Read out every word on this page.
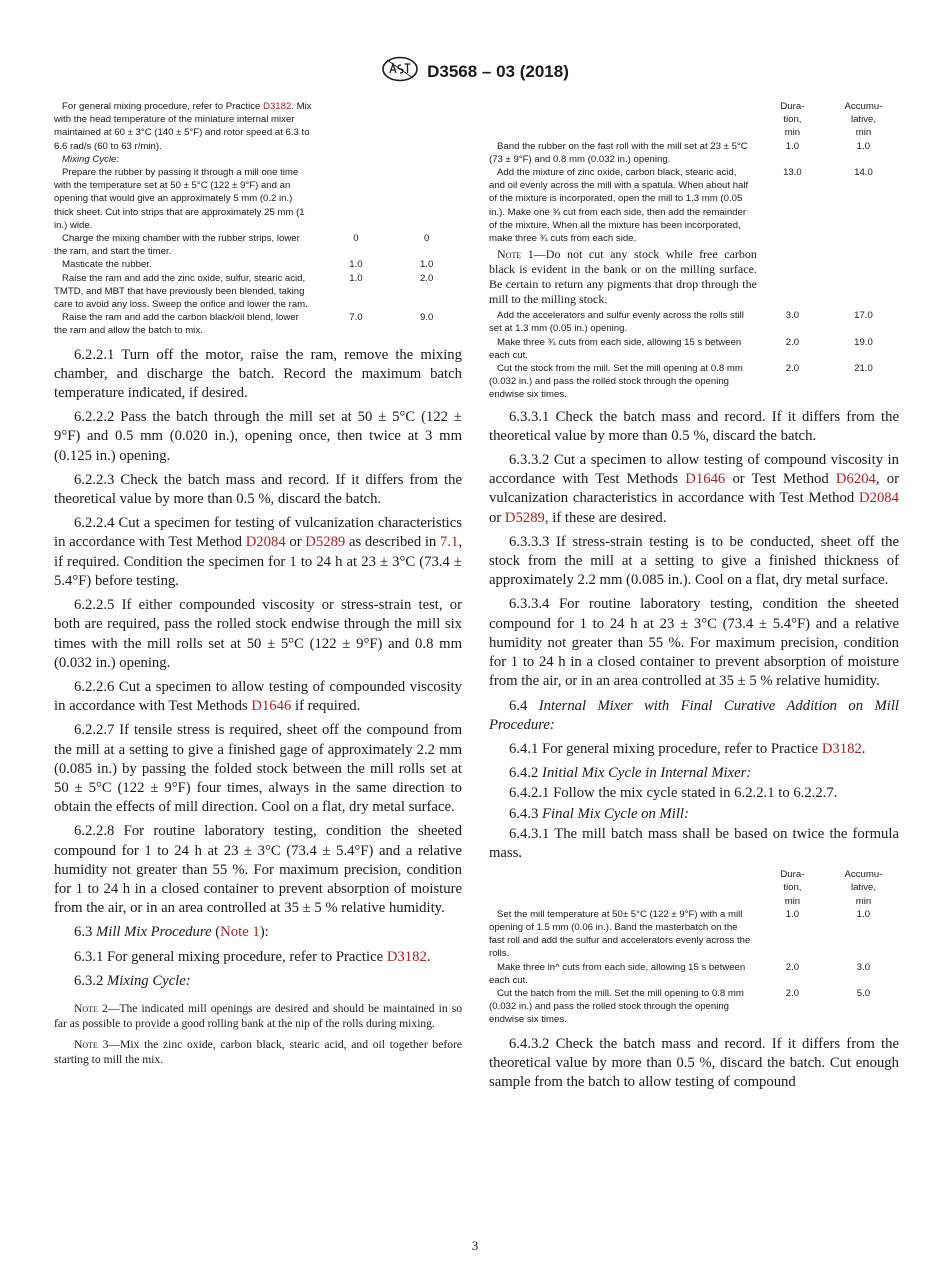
D3568 – 03 (2018)
For general mixing procedure, refer to Practice D3182. Mix with the head temperature of the miniature internal mixer maintained at 60 ± 3°C (140 ± 5°F) and rotor speed at 6.3 to 6.6 rad/s (60 to 63 r/min).		
Mixing Cycle:		
Prepare the rubber by passing it through a mill one time with the temperature set at 50 ± 5°C (122 ± 9°F) and an opening that would give an approximately 5 mm (0.2 in.) thick sheet. Cut into strips that are approximately 25 mm (1 in.) wide.		
Charge the mixing chamber with the rubber strips, lower the ram, and start the timer.	0	0
Masticate the rubber.	1.0	1.0
Raise the ram and add the zinc oxide, sulfur, stearic acid, TMTD, and MBT that have previously been blended, taking care to avoid any loss. Sweep the orifice and lower the ram.	1.0	2.0
Raise the ram and add the carbon black/oil blend, lower the ram and allow the batch to mix.	7.0	9.0

6.2.2.1 Turn off the motor, raise the ram, remove the mixing chamber, and discharge the batch. Record the maximum batch temperature indicated, if desired.

6.2.2.2 Pass the batch through the mill set at 50 ± 5°C (122 ± 9°F) and 0.5 mm (0.020 in.), opening once, then twice at 3 mm (0.125 in.) opening.

6.2.2.3 Check the batch mass and record. If it differs from the theoretical value by more than 0.5 %, discard the batch.

6.2.2.4 Cut a specimen for testing of vulcanization characteristics in accordance with Test Method D2084 or D5289 as described in 7.1, if required. Condition the specimen for 1 to 24 h at 23 ± 3°C (73.4 ± 5.4°F) before testing.

6.2.2.5 If either compounded viscosity or stress-strain test, or both are required, pass the rolled stock endwise through the mill six times with the mill rolls set at 50 ± 5°C (122 ± 9°F) and 0.8 mm (0.032 in.) opening.

6.2.2.6 Cut a specimen to allow testing of compounded viscosity in accordance with Test Methods D1646 if required.

6.2.2.7 If tensile stress is required, sheet off the compound from the mill at a setting to give a finished gage of approximately 2.2 mm (0.085 in.) by passing the folded stock between the mill rolls set at 50 ± 5°C (122 ± 9°F) four times, always in the same direction to obtain the effects of mill direction. Cool on a flat, dry metal surface.

6.2.2.8 For routine laboratory testing, condition the sheeted compound for 1 to 24 h at 23 ± 3°C (73.4 ± 5.4°F) and a relative humidity not greater than 55 %. For maximum precision, condition for 1 to 24 h in a closed container to prevent absorption of moisture from the air, or in an area controlled at 35 ± 5 % relative humidity.

6.3 Mill Mix Procedure (Note 1):

6.3.1 For general mixing procedure, refer to Practice D3182.

6.3.2 Mixing Cycle:

Note 2—The indicated mill openings are desired and should be maintained in so far as possible to provide a good rolling bank at the nip of the rolls during mixing.

Note 3—Mix the zinc oxide, carbon black, stearic acid, and oil together before starting to mill the mix.

	Dura-
tion,
min	Accumu-
lative,
min
Band the rubber on the fast roll with the mill set at 23 ± 5°C (73 ± 9°F) and 0.8 mm (0.032 in.) opening.	1.0	1.0
Add the mixture of zinc oxide, carbon black, stearic acid, and oil evenly across the mill with a spatula. When about half of the mixture is incorporated, open the mill to 1.3 mm (0.05 in.). Make one ¾ cut from each side, then add the remainder of the mixture. When all the mixture has been incorporated, make three ¾ cuts from each side.	13.0	14.0
Note 1—Do not cut any stock while free carbon black is evident in the bank or on the milling surface. Be certain to return any pigments that drop through the mill to the milling stock.		
Add the accelerators and sulfur evenly across the rolls still set at 1.3 mm (0.05 in.) opening.	3.0	17.0
Make three ¾ cuts from each side, allowing 15 s between each cut.	2.0	19.0
Cut the stock from the mill. Set the mill opening at 0.8 mm (0.032 in.) and pass the rolled stock through the opening endwise six times.	2.0	21.0

6.3.3.1 Check the batch mass and record. If it differs from the theoretical value by more than 0.5 %, discard the batch.

6.3.3.2 Cut a specimen to allow testing of compound viscosity in accordance with Test Methods D1646 or Test Method D6204, or vulcanization characteristics in accordance with Test Method D2084 or D5289, if these are desired.

6.3.3.3 If stress-strain testing is to be conducted, sheet off the stock from the mill at a setting to give a finished thickness of approximately 2.2 mm (0.085 in.). Cool on a flat, dry metal surface.

6.3.3.4 For routine laboratory testing, condition the sheeted compound for 1 to 24 h at 23 ± 3°C (73.4 ± 5.4°F) and a relative humidity not greater than 55 %. For maximum precision, condition for 1 to 24 h in a closed container to prevent absorption of moisture from the air, or in an area controlled at 35 ± 5 % relative humidity.

6.4 Internal Mixer with Final Curative Addition on Mill Procedure:

6.4.1 For general mixing procedure, refer to Practice D3182.

6.4.2 Initial Mix Cycle in Internal Mixer:

6.4.2.1 Follow the mix cycle stated in 6.2.2.1 to 6.2.2.7.

6.4.3 Final Mix Cycle on Mill:

6.4.3.1 The mill batch mass shall be based on twice the formula mass.

	Dura-
tion,
min	Accumu-
lative,
min
Set the mill temperature at 50± 5°C (122 ± 9°F) with a mill opening of 1.5 mm (0.06 in.). Band the masterbatch on the fast roll and add the sulfur and accelerators evenly across the rolls.	1.0	1.0
Make three ln^ cuts from each side, allowing 15 s between each cut.	2.0	3.0
Cut the batch from the mill. Set the mill opening to 0.8 mm (0.032 in.) and pass the rolled stock through the opening endwise six times.	2.0	5.0

6.4.3.2 Check the batch mass and record. If it differs from the theoretical value by more than 0.5 %, discard the batch. Cut enough sample from the batch to allow testing of compound

3
